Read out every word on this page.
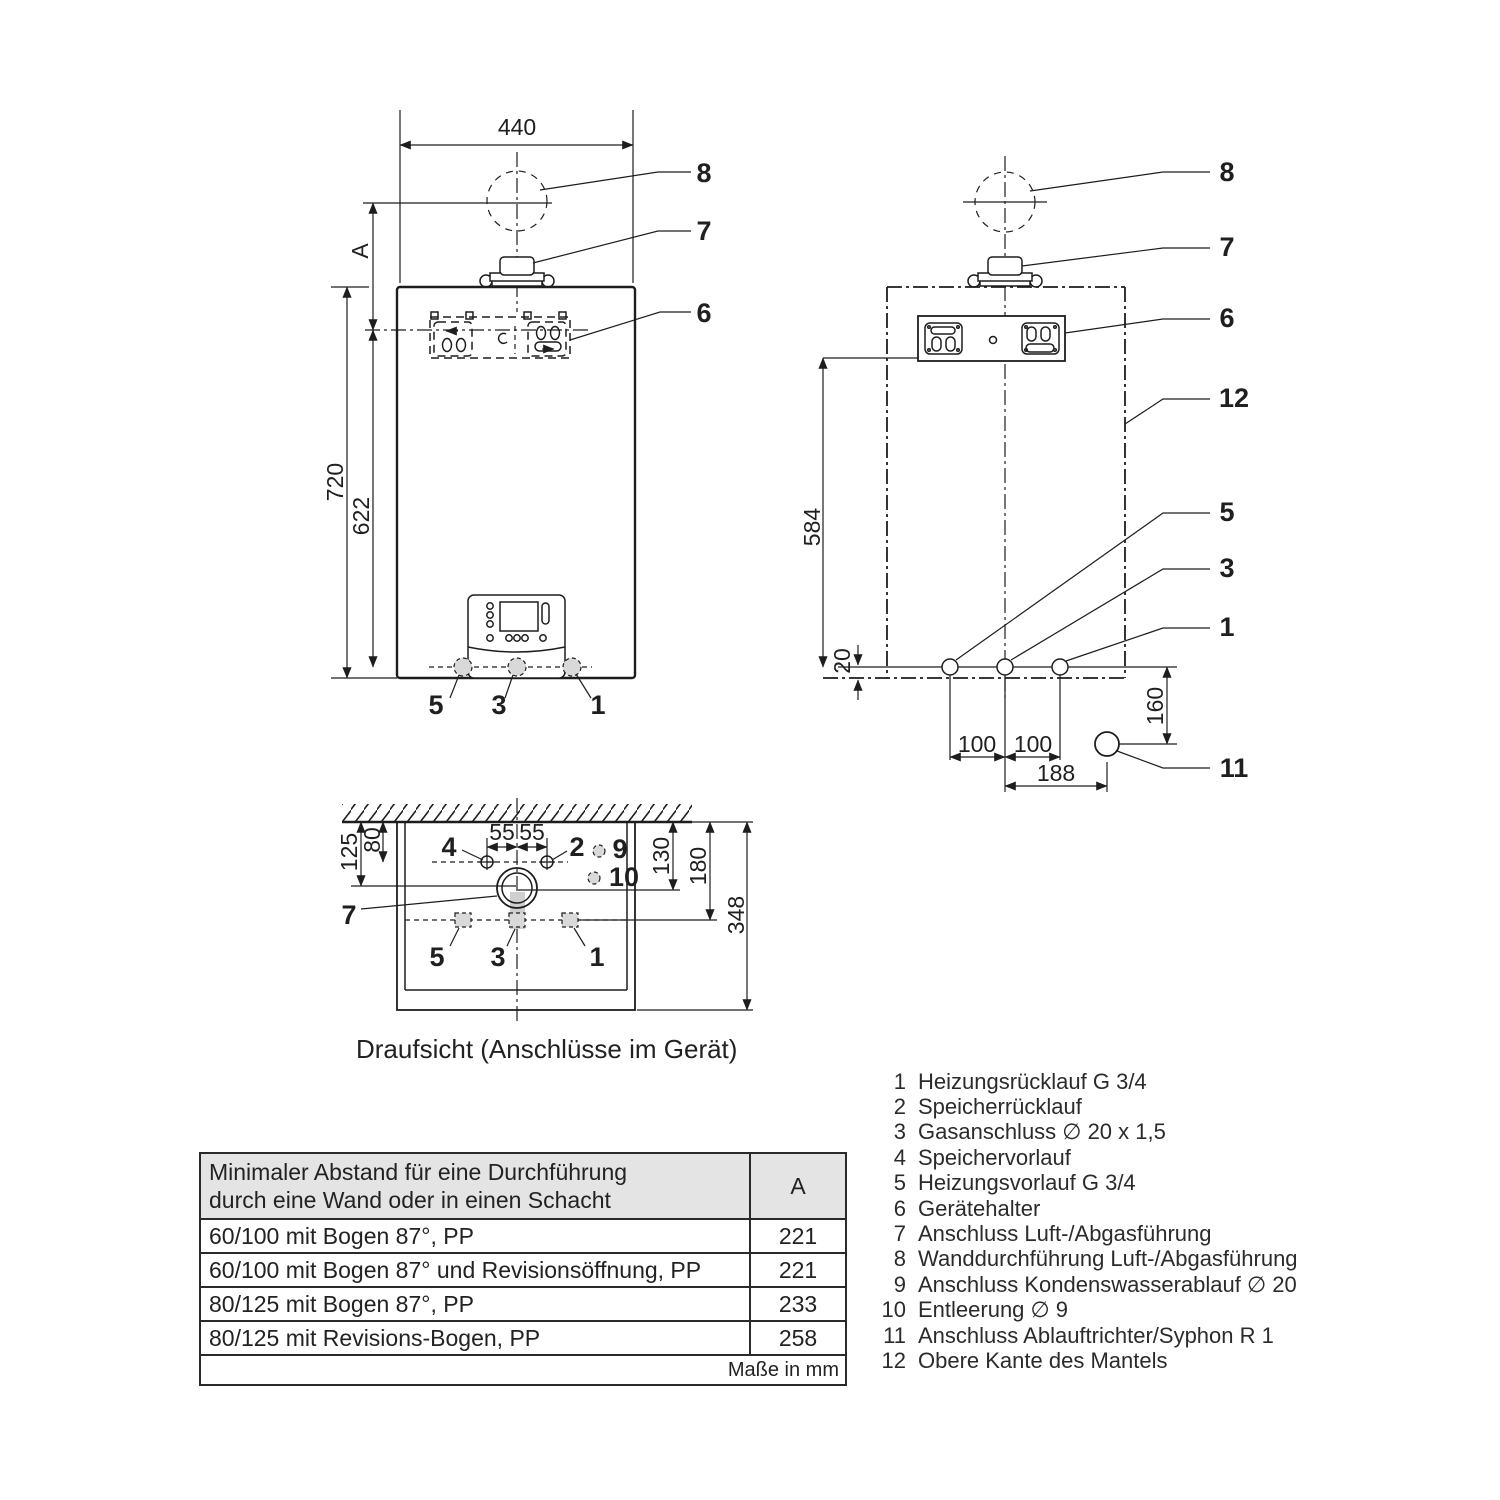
440
A
720
622
8
7
6
5 3	1
584
20
100 100
188
160
8
7
6
12
5
3
1
11
55 55
125
80	130 180
348
4	2 9
10
7
5 3	1
Draufsicht (Anschlüsse im Gerät)
Minimaler Abstand für eine Durchführung
durch eine Wand oder in einen Schacht
A
60/100 mit Bogen 87°, PP	221
60/100 mit Bogen 87° und Revisionsöffnung, PP	221
80/125 mit Bogen 87°, PP	233
80/125 mit Revisions-Bogen, PP	258
Maße in mm
1 Heizungsrücklauf G 3/4
2 Speicherrücklauf
3 Gasanschluss ∅ 20 x 1,5
4 Speichervorlauf
5 Heizungsvorlauf G 3/4
6 Gerätehalter
7 Anschluss Luft-/Abgasführung
8 Wanddurchführung Luft-/Abgasführung
9 Anschluss Kondenswasserablauf ∅ 20
10 Entleerung ∅ 9
11 Anschluss Ablauftrichter/Syphon R 1
12 Obere Kante des Mantels
